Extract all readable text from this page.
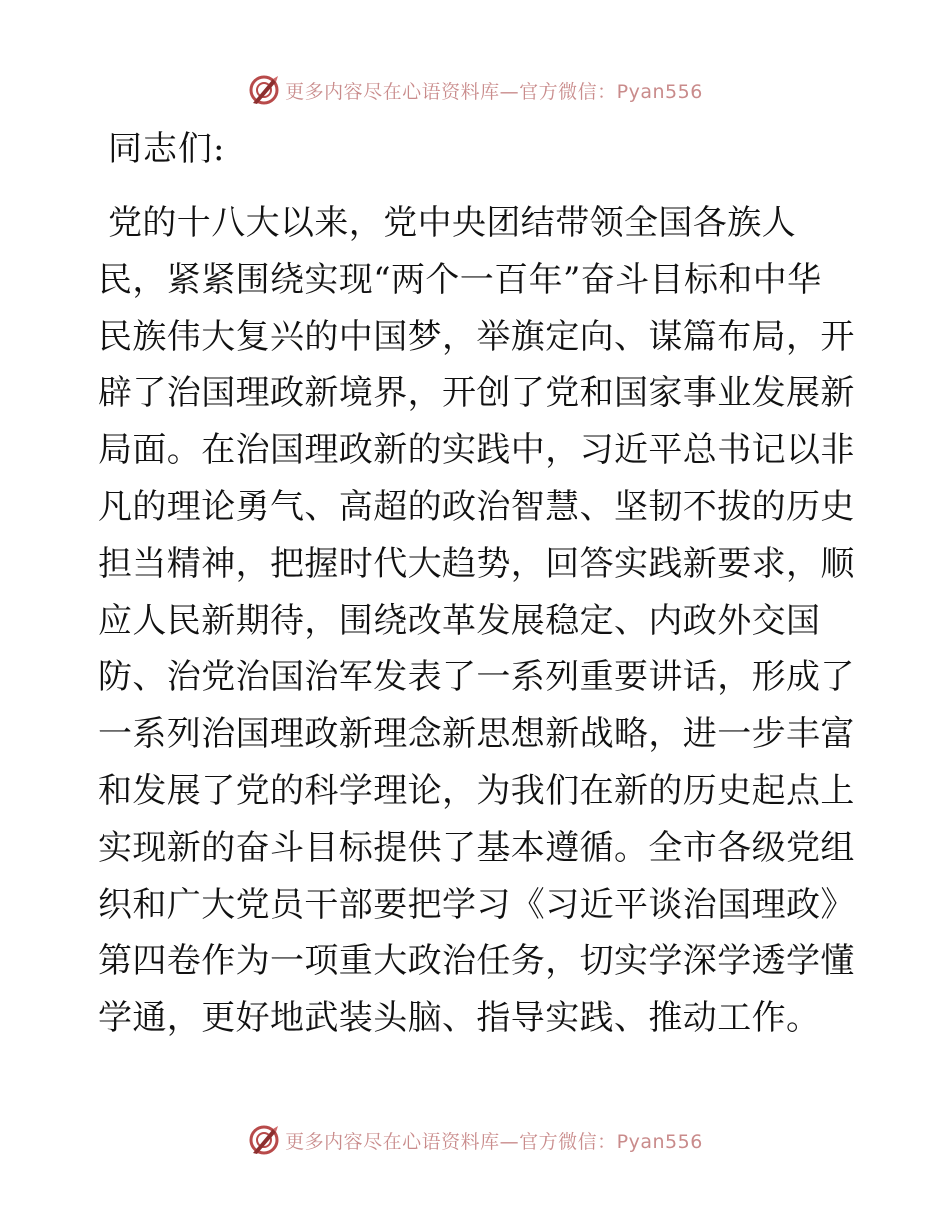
更多内容尽在心语资料库—官方微信：Pyan556
同志们:
党的十八大以来，党中央团结带领全国各族人
民，紧紧围绕实现“两个一百年”奋斗目标和中华
民族伟大复兴的中国梦，举旗定向、谋篇布局，开
辟了治国理政新境界，开创了党和国家事业发展新
局面。在治国理政新的实践中，习近平总书记以非
凡的理论勇气、高超的政治智慧、坚韧不拔的历史
担当精神，把握时代大趋势，回答实践新要求，顺
应人民新期待，围绕改革发展稳定、内政外交国
防、治党治国治军发表了一系列重要讲话，形成了
一系列治国理政新理念新思想新战略，进一步丰富
和发展了党的科学理论，为我们在新的历史起点上
实现新的奋斗目标提供了基本遵循。全市各级党组
织和广大党员干部要把学习《习近平谈治国理政》
第四卷作为一项重大政治任务，切实学深学透学懂
学通，更好地武装头脑、指导实践、推动工作。
更多内容尽在心语资料库—官方微信：Pyan556
